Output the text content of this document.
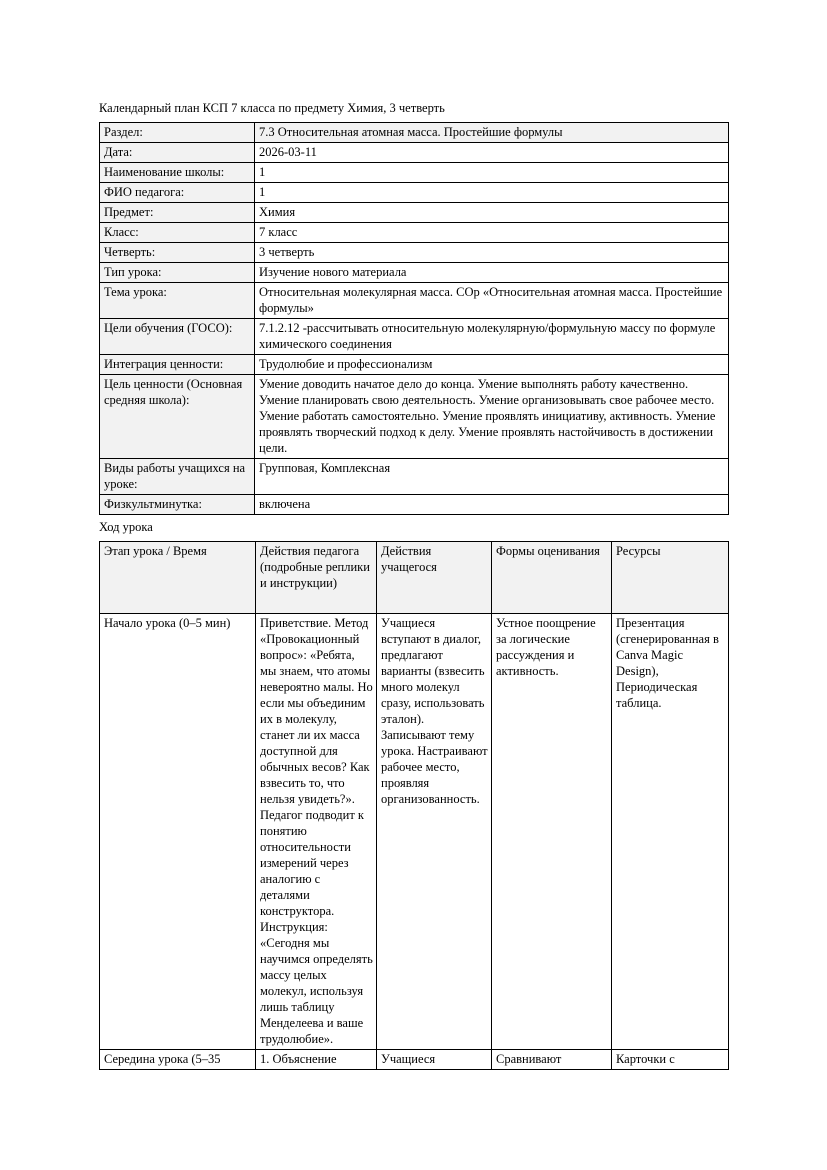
Календарный план КСП 7 класса по предмету Химия, 3 четверть

Раздел:	7.3 Относительная атомная масса. Простейшие формулы
Дата:	2026-03-11
Наименование школы:	1
ФИО педагога:	1
Предмет:	Химия
Класс:	7 класс
Четверть:	3 четверть
Тип урока:	Изучение нового материала
Тема урока:	Относительная молекулярная масса. СОр «Относительная атомная масса. Простейшие формулы»
Цели обучения (ГОСО):	7.1.2.12 -рассчитывать относительную молекулярную/формульную массу по формуле химического соединения
Интеграция ценности:	Трудолюбие и профессионализм
Цель ценности (Основная средняя школа):	Умение доводить начатое дело до конца. Умение выполнять работу качественно. Умение планировать свою деятельность. Умение организовывать свое рабочее место. Умение работать самостоятельно. Умение проявлять инициативу, активность. Умение проявлять творческий подход к делу. Умение проявлять настойчивость в достижении цели.
Виды работы учащихся на уроке:	Групповая, Комплексная
Физкультминутка:	включена

Ход урока

Этап урока / Время	Действия педагога (подробные реплики и инструкции)	Действия учащегося	Формы оценивания	Ресурсы
Начало урока (0–5 мин)	Приветствие. Метод «Провокационный вопрос»: «Ребята, мы знаем, что атомы невероятно малы. Но если мы объединим их в молекулу, станет ли их масса доступной для обычных весов? Как взвесить то, что нельзя увидеть?». Педагог подводит к понятию относительности измерений через аналогию с деталями конструктора. Инструкция: «Сегодня мы научимся определять массу целых молекул, используя лишь таблицу Менделеева и ваше трудолюбие».	Учащиеся вступают в диалог, предлагают варианты (взвесить много молекул сразу, использовать эталон). Записывают тему урока. Настраивают рабочее место, проявляя организованность.	Устное поощрение за логические рассуждения и активность.	Презентация (сгенерированная в Canva Magic Design), Периодическая таблица.
Середина урока (5–35	1. Объяснение	Учащиеся	Сравнивают	Карточки с
